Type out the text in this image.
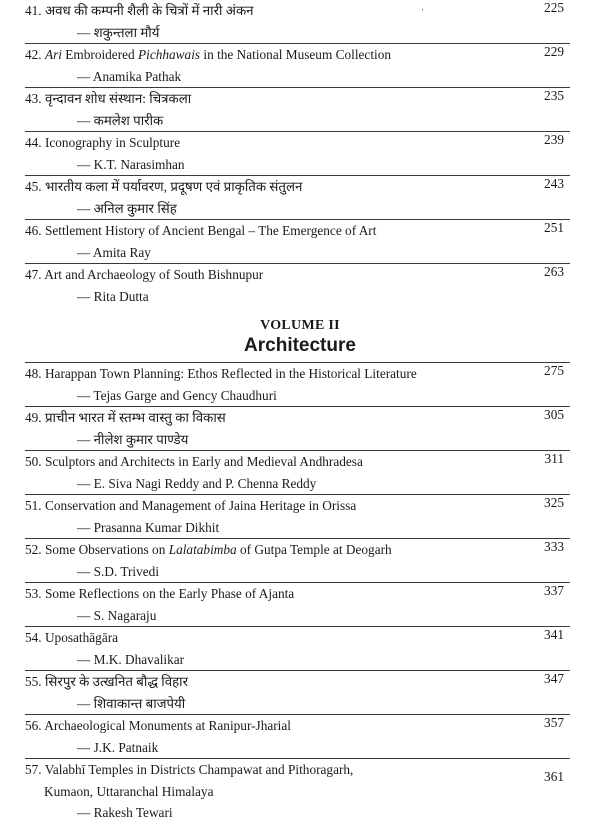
41. अवध की कम्पनी शैली के चित्रों में नारी अंकन	·
— शकुन्तला मौर्य
225
42. Ari Embroidered Pichhawais in the National Museum Collection
— Anamika Pathak
229
43. वृन्दावन शोध संस्थान: चित्रकला
— कमलेश पारीक
235
44. Iconography in Sculpture
— K.T. Narasimhan
239
45. भारतीय कला में पर्यावरण, प्रदूषण एवं प्राकृतिक संतुलन
— अनिल कुमार सिंह
243
46. Settlement History of Ancient Bengal – The Emergence of Art
— Amita Ray
251
47. Art and Archaeology of South Bishnupur
— Rita Dutta
263
VOLUME II
Architecture
48. Harappan Town Planning: Ethos Reflected in the Historical Literature
— Tejas Garge and Gency Chaudhuri
275
49. प्राचीन भारत में स्तम्भ वास्तु का विकास
— नीलेश कुमार पाण्डेय
305
50. Sculptors and Architects in Early and Medieval Andhradesa
— E. Siva Nagi Reddy and P. Chenna Reddy
311
51. Conservation and Management of Jaina Heritage in Orissa
— Prasanna Kumar Dikhit
325
52. Some Observations on Lalatabimba of Gutpa Temple at Deogarh
— S.D. Trivedi
333
53. Some Reflections on the Early Phase of Ajanta
— S. Nagaraju
337
54. Uposathāgāra
— M.K. Dhavalikar
341
55. सिरपुर के उत्खनित बौद्ध विहार
— शिवाकान्त बाजपेयी
347
56. Archaeological Monuments at Ranipur-Jharial
— J.K. Patnaik
357
57. Valabhī Temples in Districts Champawat and Pithoragarh,
Kumaon, Uttaranchal Himalaya
— Rakesh Tewari
361
